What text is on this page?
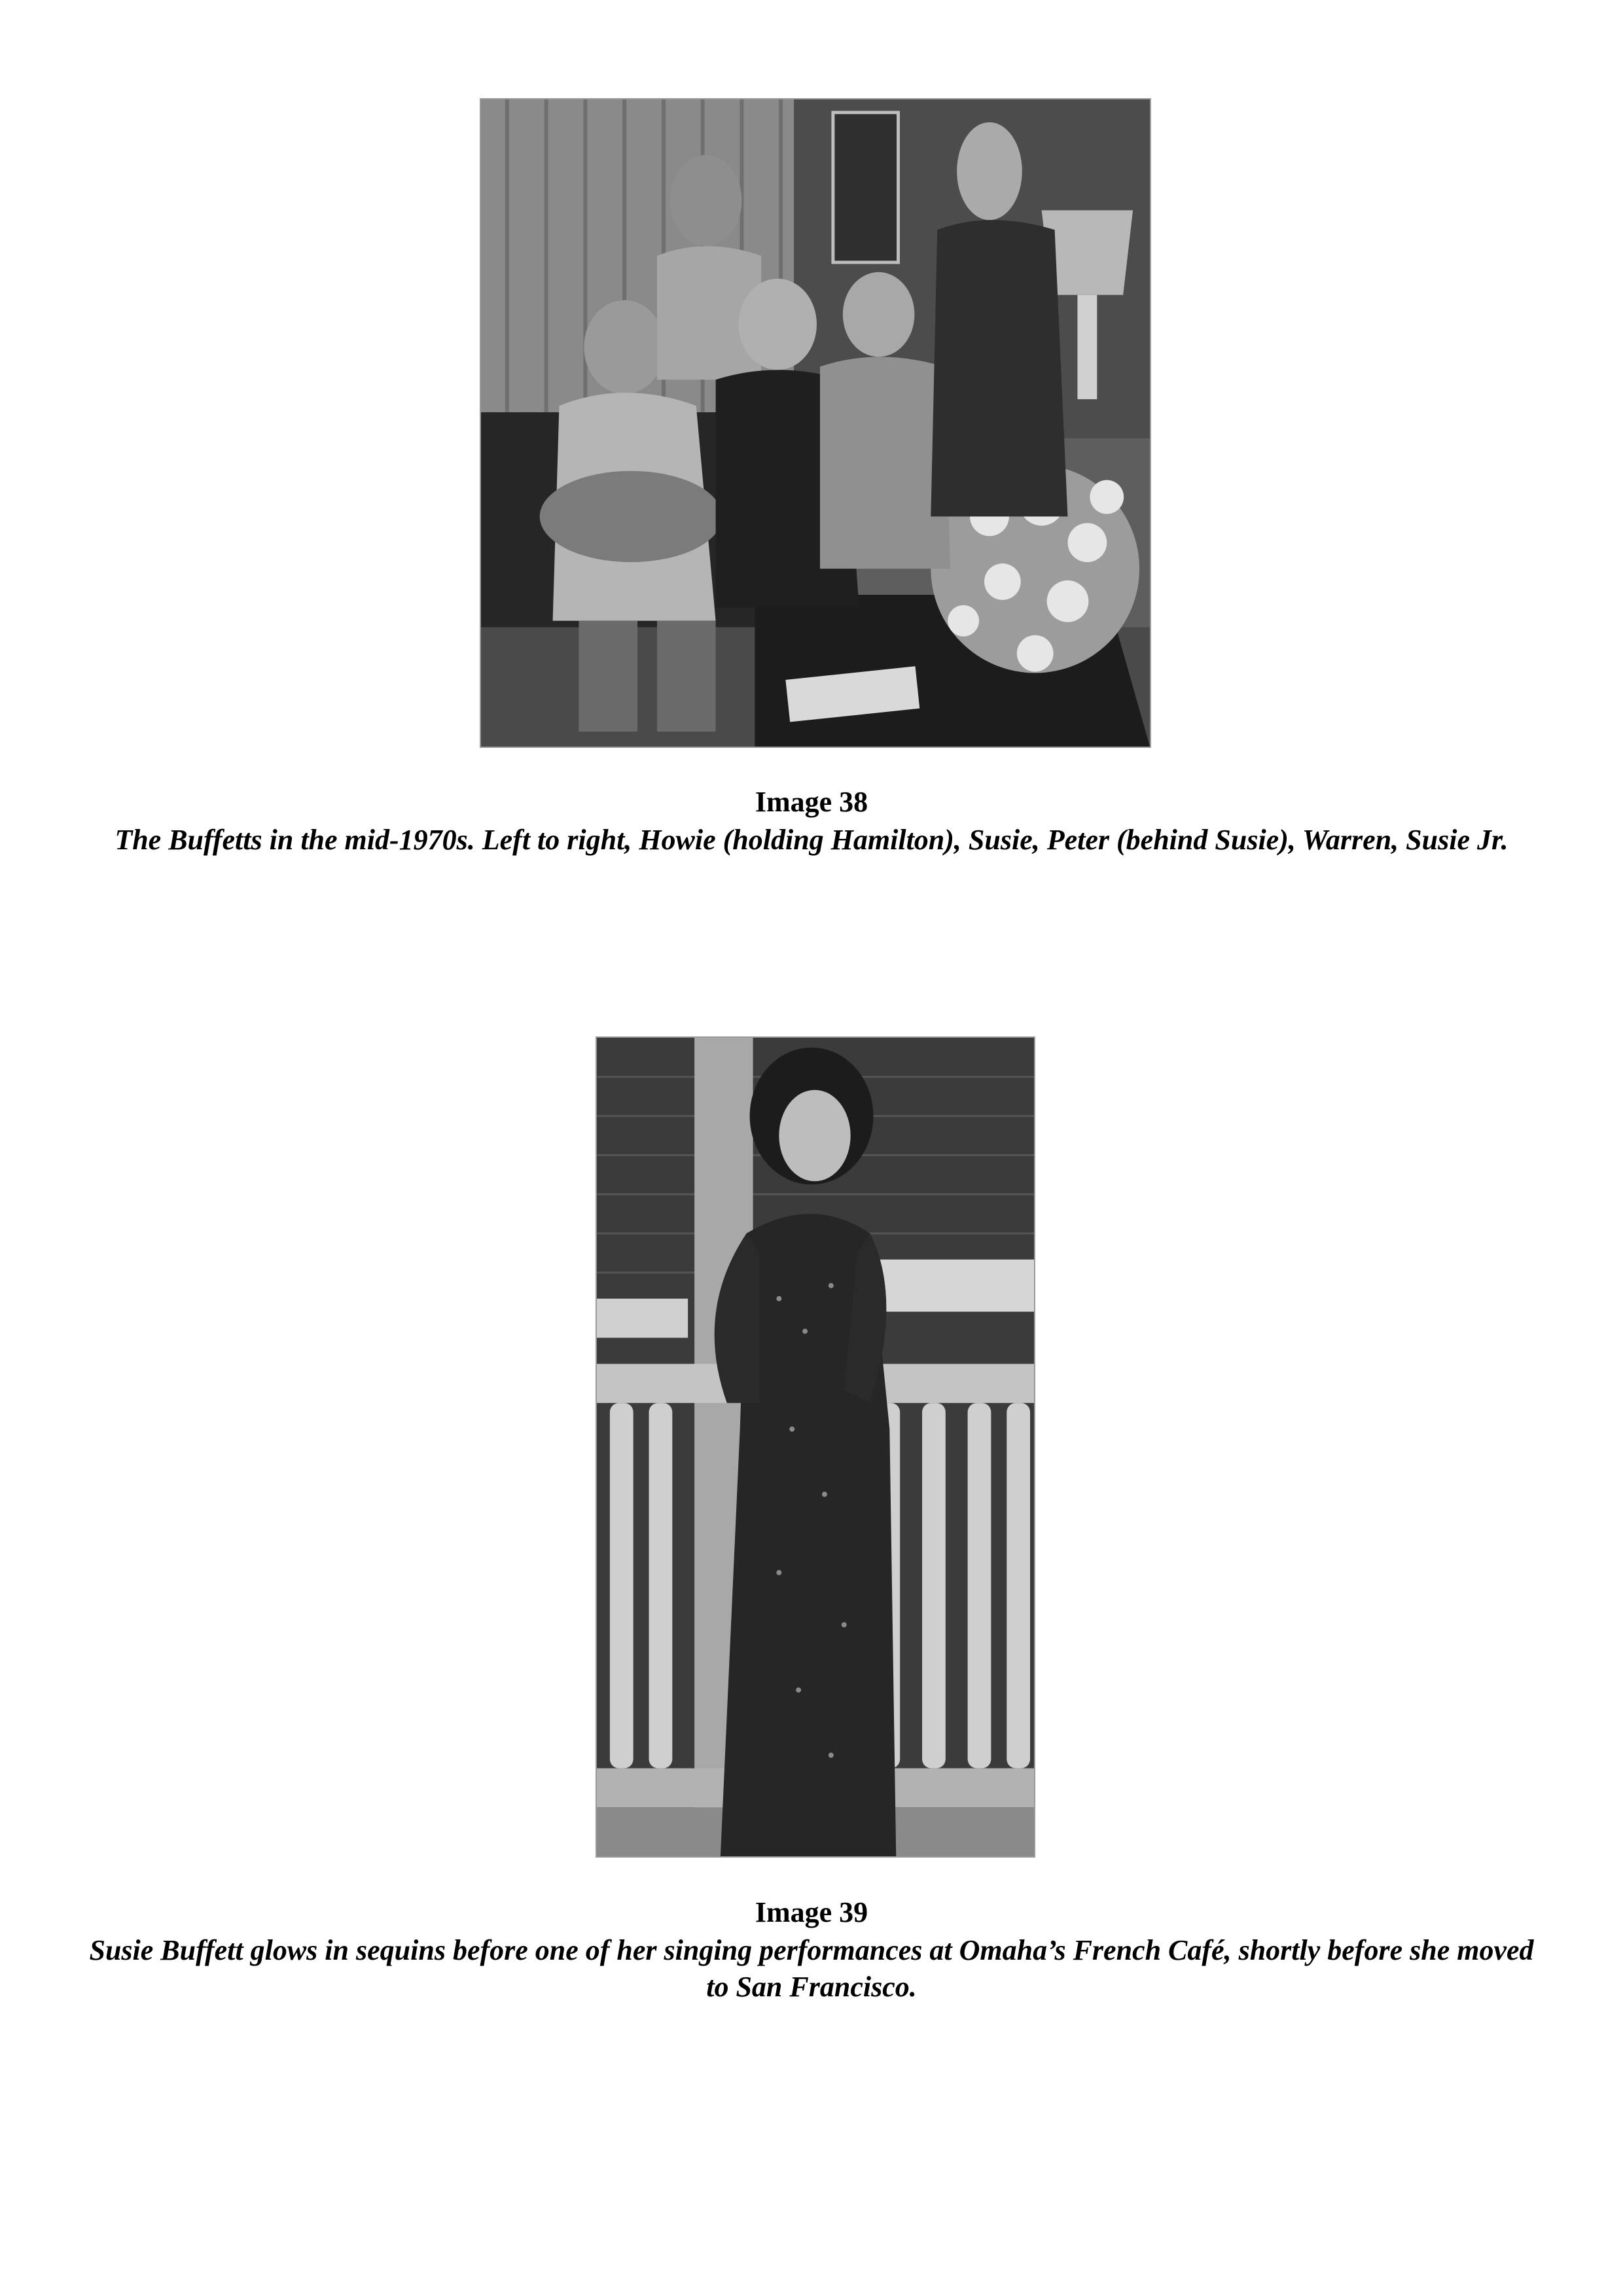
Image 38
The Buffetts in the mid-1970s. Left to right, Howie (holding Hamilton), Susie, Peter (behind Susie), Warren, Susie Jr.
Image 39
Susie Buffett glows in sequins before one of her singing performances at Omaha’s French Café, shortly before she moved to San Francisco.
